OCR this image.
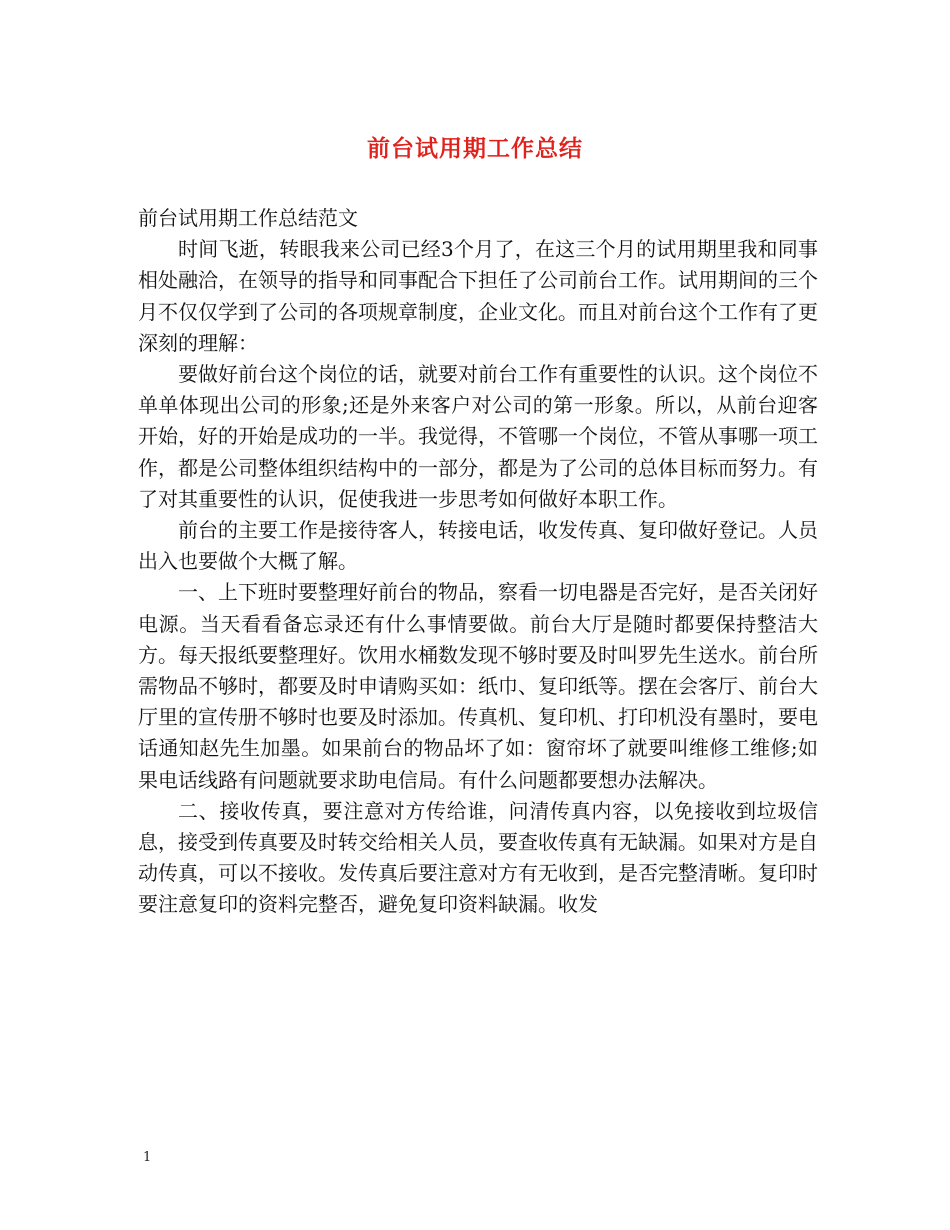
前台试用期工作总结

前台试用期工作总结范文

时间飞逝，转眼我来公司已经3个月了，在这三个月的试用期里我和同事相处融洽，在领导的指导和同事配合下担任了公司前台工作。试用期间的三个月不仅仅学到了公司的各项规章制度，企业文化。而且对前台这个工作有了更深刻的理解：

要做好前台这个岗位的话，就要对前台工作有重要性的认识。这个岗位不单单体现出公司的形象;还是外来客户对公司的第一形象。所以，从前台迎客开始，好的开始是成功的一半。我觉得，不管哪一个岗位，不管从事哪一项工作，都是公司整体组织结构中的一部分，都是为了公司的总体目标而努力。有了对其重要性的认识，促使我进一步思考如何做好本职工作。

前台的主要工作是接待客人，转接电话，收发传真、复印做好登记。人员出入也要做个大概了解。

一、上下班时要整理好前台的物品，察看一切电器是否完好，是否关闭好电源。当天看看备忘录还有什么事情要做。前台大厅是随时都要保持整洁大方。每天报纸要整理好。饮用水桶数发现不够时要及时叫罗先生送水。前台所需物品不够时，都要及时申请购买如：纸巾、复印纸等。摆在会客厅、前台大厅里的宣传册不够时也要及时添加。传真机、复印机、打印机没有墨时，要电话通知赵先生加墨。如果前台的物品坏了如：窗帘坏了就要叫维修工维修;如果电话线路有问题就要求助电信局。有什么问题都要想办法解决。

二、接收传真，要注意对方传给谁，问清传真内容，以免接收到垃圾信息，接受到传真要及时转交给相关人员，要查收传真有无缺漏。如果对方是自动传真，可以不接收。发传真后要注意对方有无收到，是否完整清晰。复印时要注意复印的资料完整否，避免复印资料缺漏。收发

1
